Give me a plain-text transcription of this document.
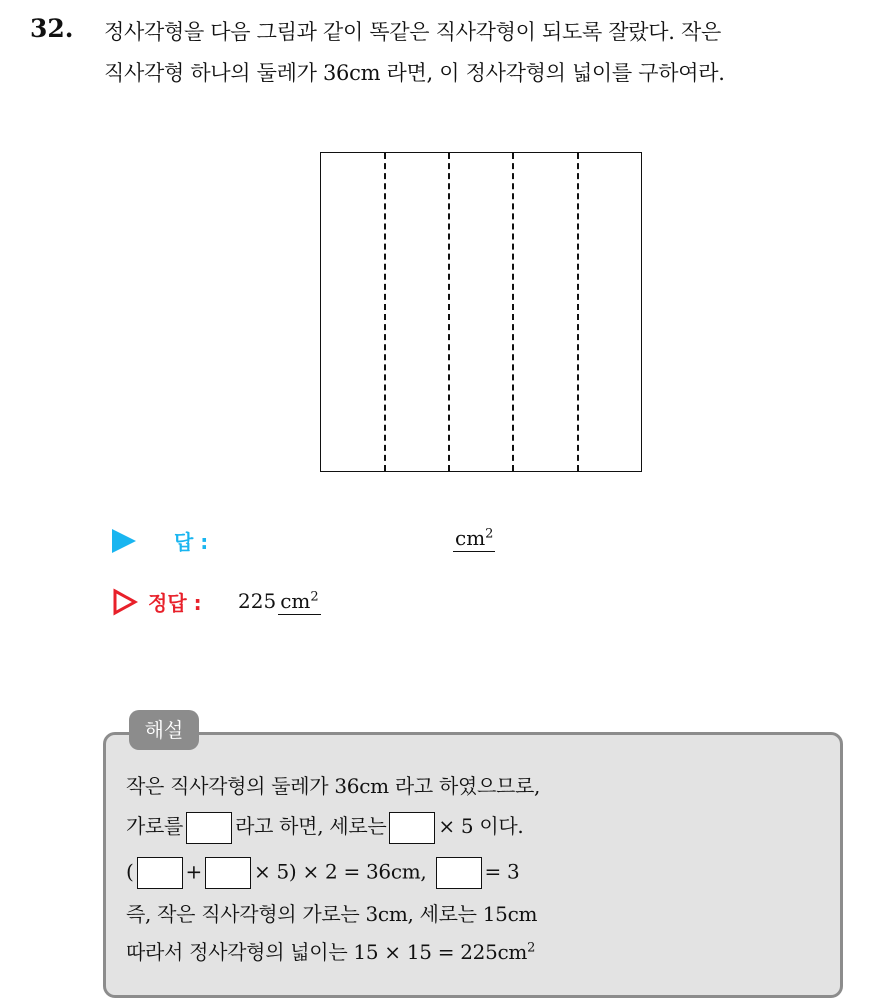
32. 정사각형을 다음 그림과 같이 똑같은 직사각형이 되도록 잘랐다. 작은
직사각형 하나의 둘레가 36cm 라면, 이 정사각형의 넓이를 구하여라.
답 :	$cm^2$
정답 : 225 $cm^2$
해설
작은 직사각형의 둘레가 36cm 라고 하였으므로,
가로를	라고 하면, 세로는	× 5 이다.
(	+	× 5) × 2 = 36cm,	= 3
즉, 작은 직사각형의 가로는 3cm, 세로는 15cm
따라서 정사각형의 넓이는 $15 \times 15 = 225cm^2$
